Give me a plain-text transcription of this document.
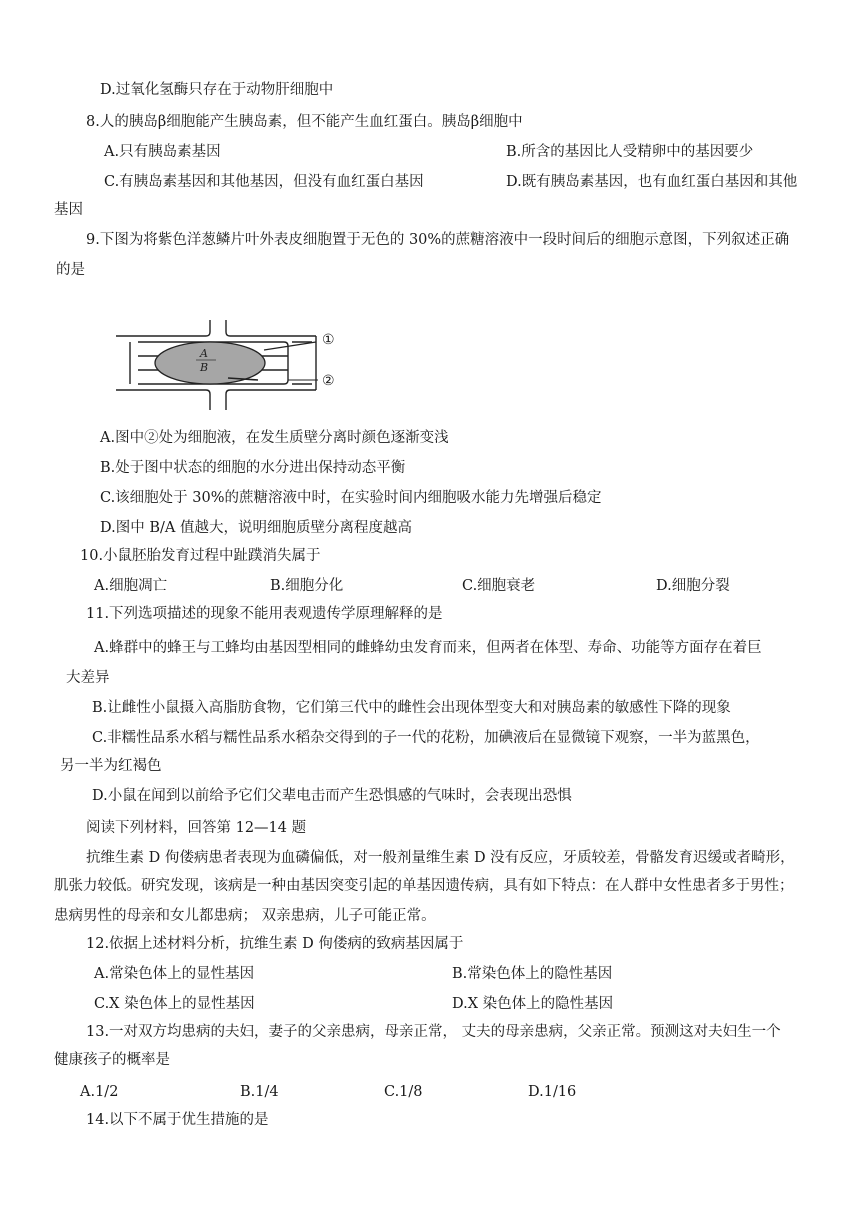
D.过氧化氢酶只存在于动物肝细胞中
8.人的胰岛β细胞能产生胰岛素，但不能产生血红蛋白。胰岛β细胞中
A.只有胰岛素基因	B.所含的基因比人受精卵中的基因要少
C.有胰岛素基因和其他基因，但没有血红蛋白基因	D.既有胰岛素基因，也有血红蛋白基因和其他
基因
9.下图为将紫色洋葱鳞片叶外表皮细胞置于无色的 30%的蔗糖溶液中一段时间后的细胞示意图，下列叙述正确
的是
A
B
①
②
A.图中②处为细胞液，在发生质壁分离时颜色逐渐变浅
B.处于图中状态的细胞的水分进出保持动态平衡
C.该细胞处于 30%的蔗糖溶液中时，在实验时间内细胞吸水能力先增强后稳定
D.图中 B/A 值越大，说明细胞质壁分离程度越高
10.小鼠胚胎发育过程中趾蹼消失属于
A.细胞凋亡	B.细胞分化	C.细胞衰老	D.细胞分裂
11.下列选项描述的现象不能用表观遗传学原理解释的是
A.蜂群中的蜂王与工蜂均由基因型相同的雌蜂幼虫发育而来，但两者在体型、寿命、功能等方面存在着巨
大差异
B.让雌性小鼠摄入高脂肪食物，它们第三代中的雌性会出现体型变大和对胰岛素的敏感性下降的现象
C.非糯性品系水稻与糯性品系水稻杂交得到的子一代的花粉，加碘液后在显微镜下观察，一半为蓝黑色，
另一半为红褐色
D.小鼠在闻到以前给予它们父辈电击而产生恐惧感的气味时，会表现出恐惧
阅读下列材料，回答第 12—14 题
抗维生素 D 佝偻病患者表现为血磷偏低，对一般剂量维生素 D 没有反应，牙质较差，骨骼发育迟缓或者畸形，
肌张力较低。研究发现，该病是一种由基因突变引起的单基因遗传病，具有如下特点：在人群中女性患者多于男性；
患病男性的母亲和女儿都患病； 双亲患病，儿子可能正常。
12.依据上述材料分析，抗维生素 D 佝偻病的致病基因属于
A.常染色体上的显性基因	B.常染色体上的隐性基因
C.X 染色体上的显性基因	D.X 染色体上的隐性基因
13.一对双方均患病的夫妇，妻子的父亲患病，母亲正常， 丈夫的母亲患病，父亲正常。预测这对夫妇生一个
健康孩子的概率是
A.1/2	B.1/4	C.1/8	D.1/16
14.以下不属于优生措施的是
